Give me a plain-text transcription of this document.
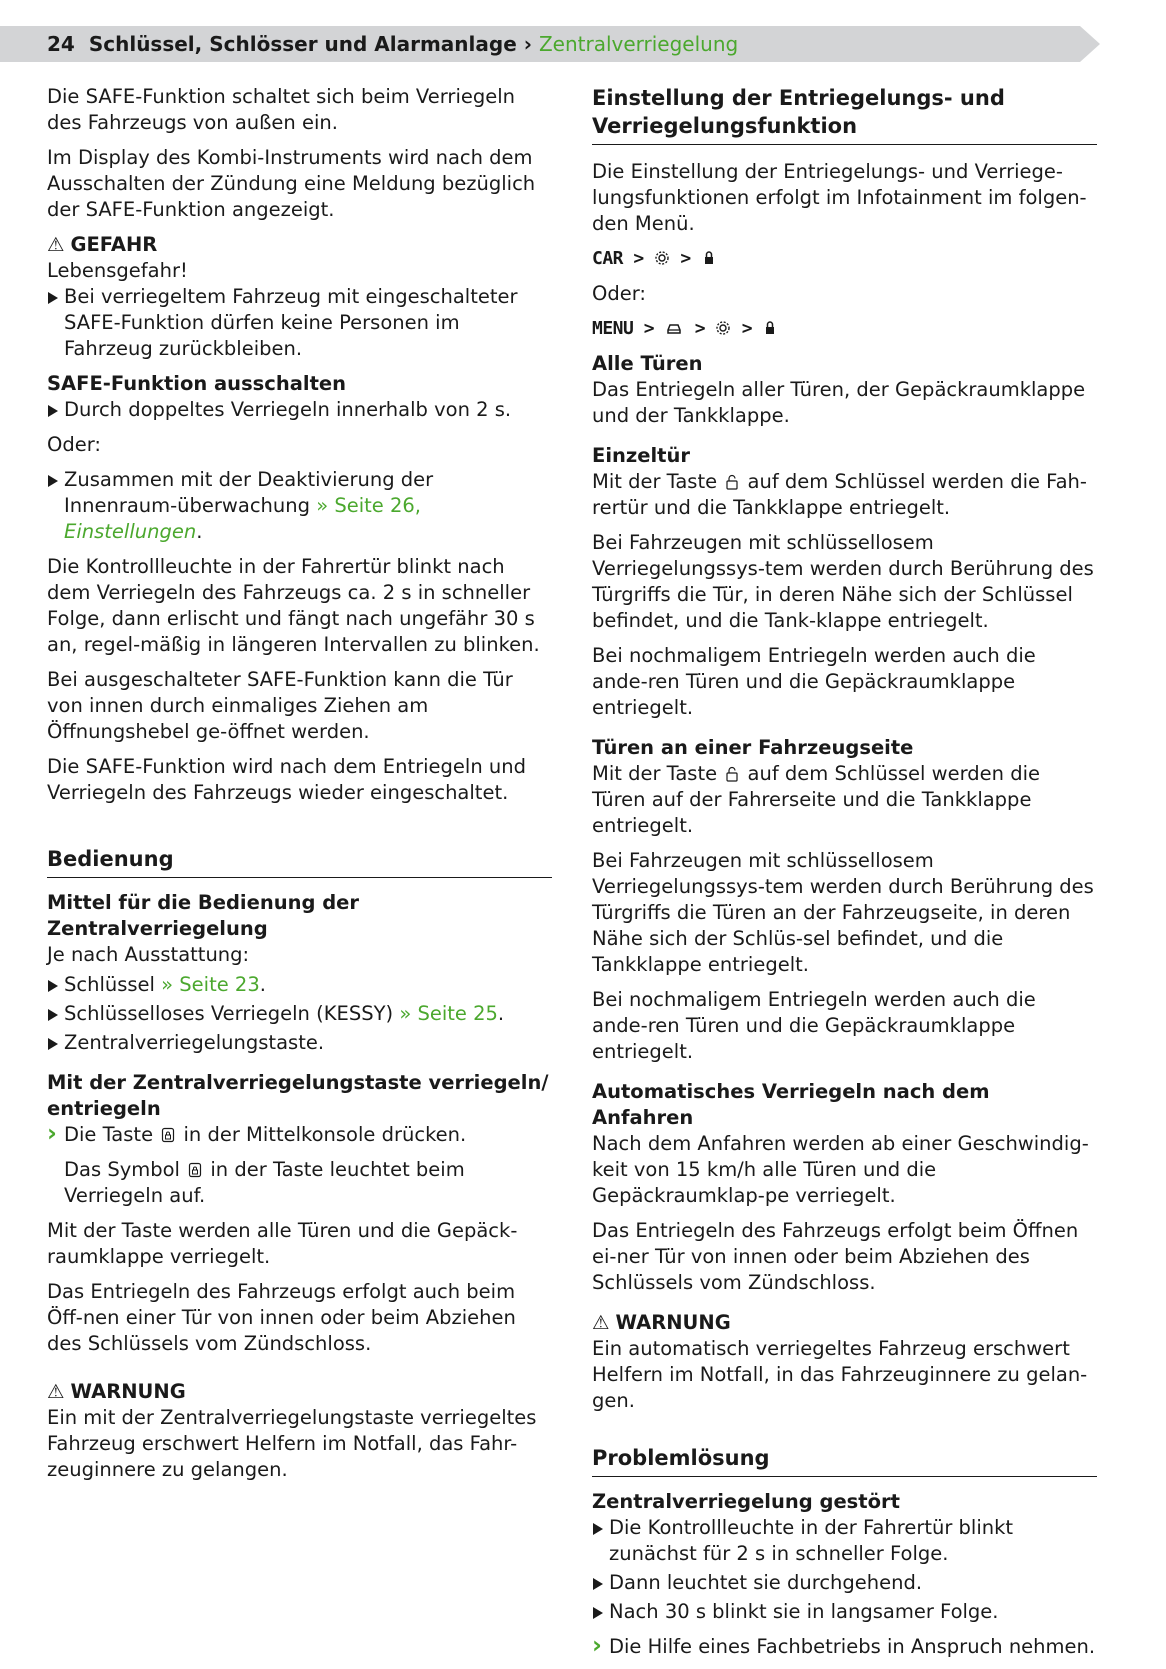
24 Schlüssel, Schlösser und Alarmanlage › Zentralverriegelung

Die SAFE-Funktion schaltet sich beim Verriegeln des Fahrzeugs von außen ein.

Im Display des Kombi-Instruments wird nach dem Ausschalten der Zündung eine Meldung bezüglich der SAFE-Funktion angezeigt.

⚠ GEFAHR
Lebensgefahr!
Bei verriegeltem Fahrzeug mit eingeschalteter SAFE-Funktion dürfen keine Personen im Fahrzeug zurückbleiben.
SAFE-Funktion ausschalten
Durch doppeltes Verriegeln innerhalb von 2 s.

Oder:

Zusammen mit der Deaktivierung der Innenraum-überwachung » Seite 26, Einstellungen.

Die Kontrollleuchte in der Fahrertür blinkt nach dem Verriegeln des Fahrzeugs ca. 2 s in schneller Folge, dann erlischt und fängt nach ungefähr 30 s an, regel-mäßig in längeren Intervallen zu blinken.

Bei ausgeschalteter SAFE-Funktion kann die Tür von innen durch einmaliges Ziehen am Öffnungshebel ge-öffnet werden.

Die SAFE-Funktion wird nach dem Entriegeln und Verriegeln des Fahrzeugs wieder eingeschaltet.

Bedienung
Mittel für die Bedienung der Zentralverriegelung
Je nach Ausstattung:
Schlüssel » Seite 23.
Schlüsselloses Verriegeln (KESSY) » Seite 25.
Zentralverriegelungstaste.
Mit der Zentralverriegelungstaste verriegeln/ entriegeln
› Die Taste in der Mittelkonsole drücken.
Das Symbol in der Taste leuchtet beim Verriegeln auf.

Mit der Taste werden alle Türen und die Gepäck-raumklappe verriegelt.

Das Entriegeln des Fahrzeugs erfolgt auch beim Öff-nen einer Tür von innen oder beim Abziehen des Schlüssels vom Zündschloss.

⚠ WARNUNG
Ein mit der Zentralverriegelungstaste verriegeltes Fahrzeug erschwert Helfern im Notfall, das Fahr-zeuginnere zu gelangen.
Einstellung der Entriegelungs- und Verriegelungsfunktion

Die Einstellung der Entriegelungs- und Verriege-lungsfunktionen erfolgt im Infotainment im folgen-den Menü.

CAR > >

Oder:

MENU > > >
Alle Türen

Das Entriegeln aller Türen, der Gepäckraumklappe und der Tankklappe.

Einzeltür

Mit der Taste auf dem Schlüssel werden die Fah-rertür und die Tankklappe entriegelt.

Bei Fahrzeugen mit schlüssellosem Verriegelungssys-tem werden durch Berührung des Türgriffs die Tür, in deren Nähe sich der Schlüssel befindet, und die Tank-klappe entriegelt.

Bei nochmaligem Entriegeln werden auch die ande-ren Türen und die Gepäckraumklappe entriegelt.

Türen an einer Fahrzeugseite

Mit der Taste auf dem Schlüssel werden die Türen auf der Fahrerseite und die Tankklappe entriegelt.

Bei Fahrzeugen mit schlüssellosem Verriegelungssys-tem werden durch Berührung des Türgriffs die Türen an der Fahrzeugseite, in deren Nähe sich der Schlüs-sel befindet, und die Tankklappe entriegelt.

Bei nochmaligem Entriegeln werden auch die ande-ren Türen und die Gepäckraumklappe entriegelt.

Automatisches Verriegeln nach dem Anfahren

Nach dem Anfahren werden ab einer Geschwindig-keit von 15 km/h alle Türen und die Gepäckraumklap-pe verriegelt.

Das Entriegeln des Fahrzeugs erfolgt beim Öffnen ei-ner Tür von innen oder beim Abziehen des Schlüssels vom Zündschloss.

⚠ WARNUNG
Ein automatisch verriegeltes Fahrzeug erschwert Helfern im Notfall, in das Fahrzeuginnere zu gelan-gen.
Problemlösung
Zentralverriegelung gestört
Die Kontrollleuchte in der Fahrertür blinkt zunächst für 2 s in schneller Folge.
Dann leuchtet sie durchgehend.
Nach 30 s blinkt sie in langsamer Folge.
› Die Hilfe eines Fachbetriebs in Anspruch nehmen.
